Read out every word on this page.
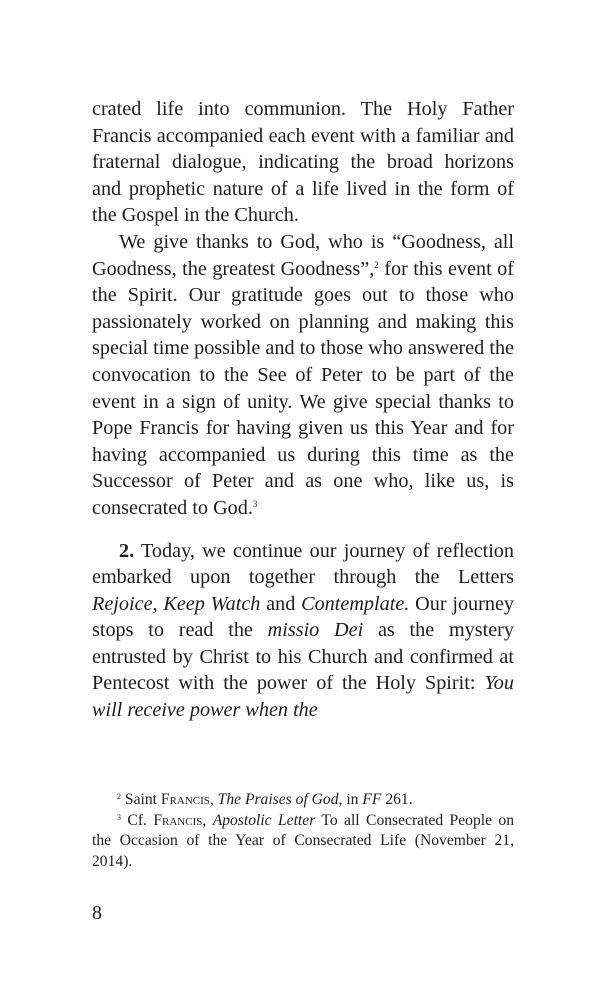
crated life into communion. The Holy Father Francis accompanied each event with a familiar and fraternal dialogue, indicating the broad horizons and prophetic nature of a life lived in the form of the Gospel in the Church.

We give thanks to God, who is “Goodness, all Goodness, the greatest Goodness”,$^2$ for this event of the Spirit. Our gratitude goes out to those who passionately worked on planning and making this special time possible and to those who answered the convocation to the See of Peter to be part of the event in a sign of unity. We give special thanks to Pope Francis for having given us this Year and for having accompanied us during this time as the Successor of Peter and as one who, like us, is consecrated to God.$^3$

2. Today, we continue our journey of reflection embarked upon together through the Letters Rejoice, Keep Watch and Contemplate. Our journey stops to read the missio Dei as the mystery entrusted by Christ to his Church and confirmed at Pentecost with the power of the Holy Spirit: You will receive power when the

$^2$ Saint Francis, The Praises of God, in FF 261.

$^3$ Cf. Francis, Apostolic Letter To all Consecrated People on the Occasion of the Year of Consecrated Life (November 21, 2014).

8
